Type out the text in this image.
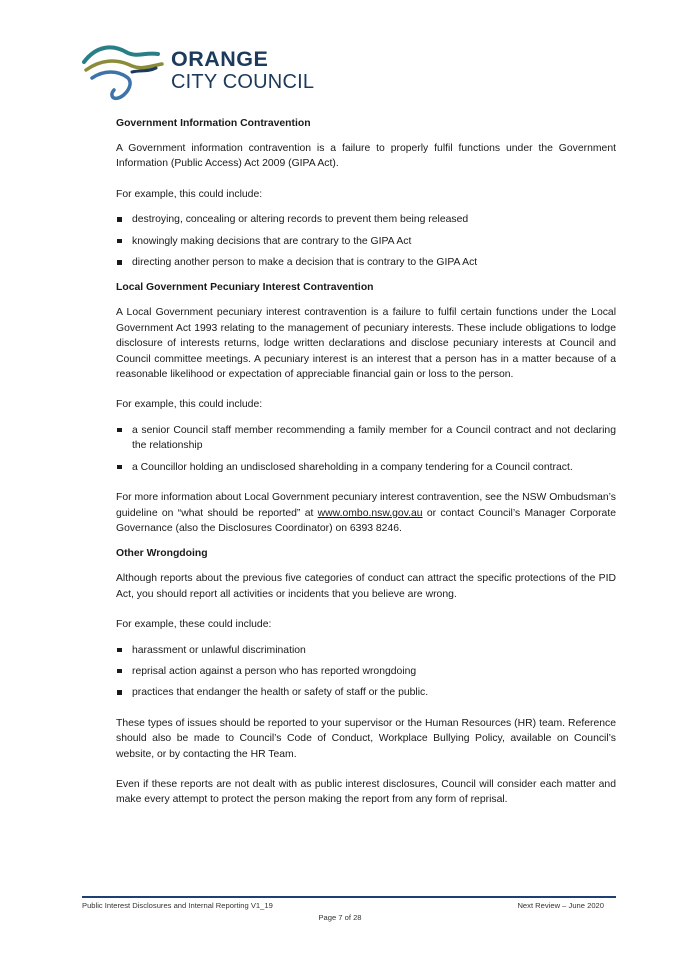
ORANGE
CITY COUNCIL
Government Information Contravention

A Government information contravention is a failure to properly fulfil functions under the Government Information (Public Access) Act 2009 (GIPA Act).

For example, this could include:

destroying, concealing or altering records to prevent them being released
knowingly making decisions that are contrary to the GIPA Act
directing another person to make a decision that is contrary to the GIPA Act
Local Government Pecuniary Interest Contravention

A Local Government pecuniary interest contravention is a failure to fulfil certain functions under the Local Government Act 1993 relating to the management of pecuniary interests. These include obligations to lodge disclosure of interests returns, lodge written declarations and disclose pecuniary interests at Council and Council committee meetings. A pecuniary interest is an interest that a person has in a matter because of a reasonable likelihood or expectation of appreciable financial gain or loss to the person.

For example, this could include:

a senior Council staff member recommending a family member for a Council contract and not declaring the relationship
a Councillor holding an undisclosed shareholding in a company tendering for a Council contract.

For more information about Local Government pecuniary interest contravention, see the NSW Ombudsman’s guideline on “what should be reported” at www.ombo.nsw.gov.au or contact Council’s Manager Corporate Governance (also the Disclosures Coordinator) on 6393 8246.

Other Wrongdoing

Although reports about the previous five categories of conduct can attract the specific protections of the PID Act, you should report all activities or incidents that you believe are wrong.

For example, these could include:

harassment or unlawful discrimination
reprisal action against a person who has reported wrongdoing
practices that endanger the health or safety of staff or the public.

These types of issues should be reported to your supervisor or the Human Resources (HR) team. Reference should also be made to Council’s Code of Conduct, Workplace Bullying Policy, available on Council’s website, or by contacting the HR Team.

Even if these reports are not dealt with as public interest disclosures, Council will consider each matter and make every attempt to protect the person making the report from any form of reprisal.

Public Interest Disclosures and Internal Reporting V1_19	Next Review – June 2020
Page 7 of 28
